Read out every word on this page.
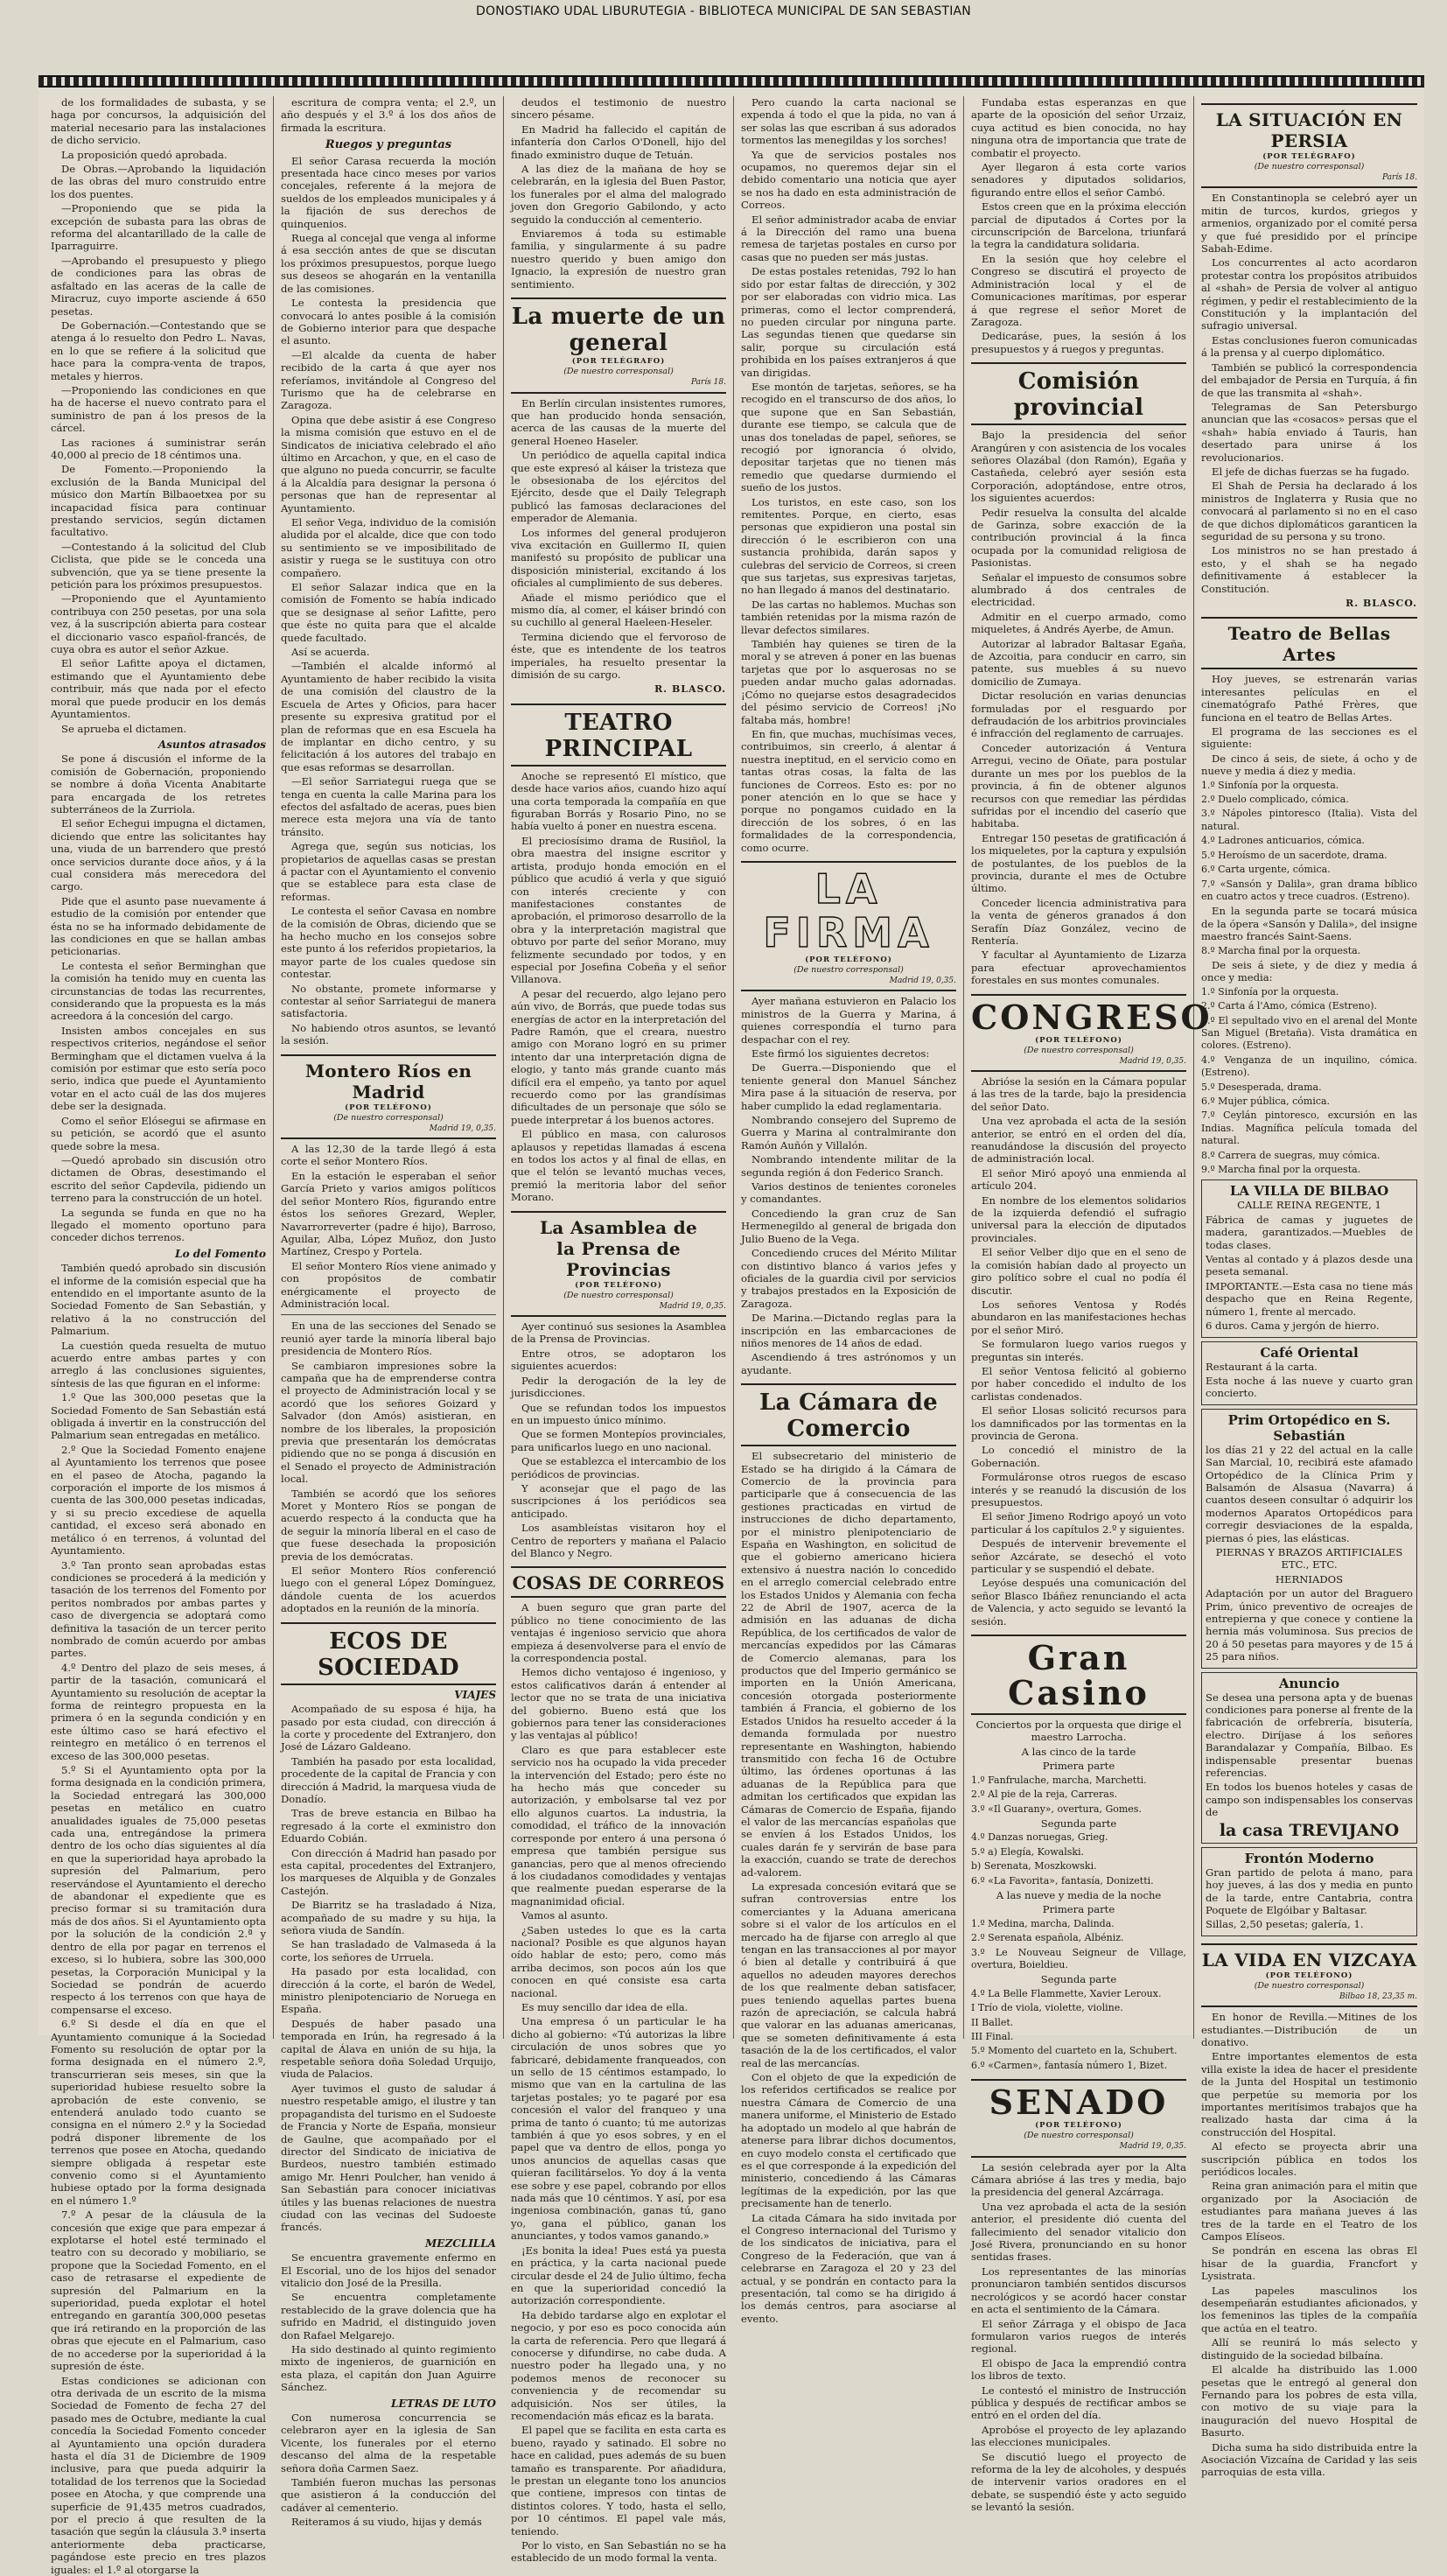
DONOSTIAKO UDAL LIBURUTEGIA - BIBLIOTECA MUNICIPAL DE SAN SEBASTIAN

de los formalidades de subasta, y se haga por concursos, la adquisición del material necesario para las instalaciones de dicho servicio.

La proposición quedó aprobada.

De Obras.—Aprobando la liquidación de las obras del muro construido entre los dos puentes.

—Proponiendo que se pida la excepción de subasta para las obras de reforma del alcantarillado de la calle de Iparraguirre.

—Aprobando el presupuesto y pliego de condiciones para las obras de asfaltado en las aceras de la calle de Miracruz, cuyo importe asciende á 650 pesetas.

De Gobernación.—Contestando que se atenga á lo resuelto don Pedro L. Navas, en lo que se refiere á la solicitud que hace para la compra-venta de trapos, metales y hierros.

—Proponiendo las condiciones en que ha de hacerse el nuevo contrato para el suministro de pan á los presos de la cárcel.

Las raciones á suministrar serán 40,000 al precio de 18 céntimos una.

De Fomento.—Proponiendo la exclusión de la Banda Municipal del músico don Martín Bilbaoetxea por su incapacidad física para continuar prestando servicios, según dictamen facultativo.

—Contestando á la solicitud del Club Ciclista, que pide se le conceda una subvención, que ya se tiene presente la petición para los próximos presupuestos.

—Proponiendo que el Ayuntamiento contribuya con 250 pesetas, por una sola vez, á la suscripción abierta para costear el diccionario vasco español-francés, de cuya obra es autor el señor Azkue.

El señor Lafitte apoya el dictamen, estimando que el Ayuntamiento debe contribuir, más que nada por el efecto moral que puede producir en los demás Ayuntamientos.

Se aprueba el dictamen.

Asuntos atrasados

Se pone á discusión el informe de la comisión de Gobernación, proponiendo se nombre á doña Vicenta Anabitarte para encargada de los retretes subterráneos de la Zurriola.

El señor Echegui impugna el dictamen, diciendo que entre las solicitantes hay una, viuda de un barrendero que prestó once servicios durante doce años, y á la cual considera más merecedora del cargo.

Pide que el asunto pase nuevamente á estudio de la comisión por entender que ésta no se ha informado debidamente de las condiciones en que se hallan ambas peticionarias.

Le contesta el señor Berminghan que la comisión ha tenido muy en cuenta las circunstancias de todas las recurrentes, considerando que la propuesta es la más acreedora á la concesión del cargo.

Insisten ambos concejales en sus respectivos criterios, negándose el señor Bermingham que el dictamen vuelva á la comisión por estimar que esto sería poco serio, indica que puede el Ayuntamiento votar en el acto cuál de las dos mujeres debe ser la designada.

Como el señor Elósegui se afirmase en su petición, se acordó que el asunto quede sobre la mesa.

—Quedó aprobado sin discusión otro dictamen de Obras, desestimando el escrito del señor Capdevila, pidiendo un terreno para la construcción de un hotel.

La segunda se funda en que no ha llegado el momento oportuno para conceder dichos terrenos.

Lo del Fomento

También quedó aprobado sin discusión el informe de la comisión especial que ha entendido en el importante asunto de la Sociedad Fomento de San Sebastián, y relativo á la no construcción del Palmarium.

La cuestión queda resuelta de mutuo acuerdo entre ambas partes y con arreglo á las conclusiones siguientes, síntesis de las que figuran en el informe:

1.º Que las 300,000 pesetas que la Sociedad Fomento de San Sebastián está obligada á invertir en la construcción del Palmarium sean entregadas en metálico.

2.º Que la Sociedad Fomento enajene al Ayuntamiento los terrenos que posee en el paseo de Atocha, pagando la corporación el importe de los mismos á cuenta de las 300,000 pesetas indicadas, y si su precio excediese de aquella cantidad, el exceso será abonado en metálico ó en terrenos, á voluntad del Ayuntamiento.

3.º Tan pronto sean aprobadas estas condiciones se procederá á la medición y tasación de los terrenos del Fomento por peritos nombrados por ambas partes y caso de divergencia se adoptará como definitiva la tasación de un tercer perito nombrado de común acuerdo por ambas partes.

4.º Dentro del plazo de seis meses, á partir de la tasación, comunicará el Ayuntamiento su resolución de aceptar la forma de reintegro propuesta en la primera ó en la segunda condición y en este último caso se hará efectivo el reintegro en metálico ó en terrenos el exceso de las 300,000 pesetas.

5.º Si el Ayuntamiento opta por la forma designada en la condición primera, la Sociedad entregará las 300,000 pesetas en metálico en cuatro anualidades iguales de 75,000 pesetas cada una, entregándose la primera dentro de los ocho días siguientes al día en que la superioridad haya aprobado la supresión del Palmarium, pero reservándose el Ayuntamiento el derecho de abandonar el expediente que es preciso formar si su tramitación dura más de dos años. Si el Ayuntamiento opta por la solución de la condición 2.ª y dentro de ella por pagar en terrenos el exceso, si lo hubiera, sobre las 300,000 pesetas, la Corporación Municipal y la Sociedad se pondrán de acuerdo respecto á los terrenos con que haya de compensarse el exceso.

6.º Si desde el día en que el Ayuntamiento comunique á la Sociedad Fomento su resolución de optar por la forma designada en el número 2.º, transcurrieran seis meses, sin que la superioridad hubiese resuelto sobre la aprobación de este convenio, se entenderá anulado todo cuanto se consigna en el número 2.º y la Sociedad podrá disponer libremente de los terrenos que posee en Atocha, quedando siempre obligada á respetar este convenio como si el Ayuntamiento hubiese optado por la forma designada en el número 1.º

7.º A pesar de la cláusula de la concesión que exige que para empezar á explotarse el hotel esté terminado el teatro con su decorado y mobiliario, se propone que la Sociedad Fomento, en el caso de retrasarse el expediente de supresión del Palmarium en la superioridad, pueda explotar el hotel entregando en garantía 300,000 pesetas que irá retirando en la proporción de las obras que ejecute en el Palmarium, caso de no accederse por la superioridad á la supresión de éste.

Estas condiciones se adicionan con otra derivada de un escrito de la misma Sociedad de Fomento de fecha 27 del pasado mes de Octubre, mediante la cual concedía la Sociedad Fomento conceder al Ayuntamiento una opción duradera hasta el día 31 de Diciembre de 1909 inclusive, para que pueda adquirir la totalidad de los terrenos que la Sociedad posee en Atocha, y que comprende una superficie de 91,435 metros cuadrados, por el precio á que resulten de la tasación que según la cláusula 3.ª inserta anteriormente deba practicarse, pagándose este precio en tres plazos iguales: el 1.º al otorgarse la

escritura de compra venta; el 2.º, un año después y el 3.º á los dos años de firmada la escritura.

Ruegos y preguntas

El señor Carasa recuerda la moción presentada hace cinco meses por varios concejales, referente á la mejora de sueldos de los empleados municipales y á la fijación de sus derechos de quinquenios.

Ruega al concejal que venga al informe á esa sección antes de que se discutan los próximos presupuestos, porque luego sus deseos se ahogarán en la ventanilla de las comisiones.

Le contesta la presidencia que convocará lo antes posible á la comisión de Gobierno interior para que despache el asunto.

—El alcalde da cuenta de haber recibido de la carta á que ayer nos referíamos, invitándole al Congreso del Turismo que ha de celebrarse en Zaragoza.

Opina que debe asistir á ese Congreso la misma comisión que estuvo en el de Sindicatos de iniciativa celebrado el año último en Arcachon, y que, en el caso de que alguno no pueda concurrir, se faculte á la Alcaldía para designar la persona ó personas que han de representar al Ayuntamiento.

El señor Vega, individuo de la comisión aludida por el alcalde, dice que con todo su sentimiento se ve imposibilitado de asistir y ruega se le sustituya con otro compañero.

El señor Salazar indica que en la comisión de Fomento se había indicado que se designase al señor Lafitte, pero que éste no quita para que el alcalde quede facultado.

Así se acuerda.

—También el alcalde informó al Ayuntamiento de haber recibido la visita de una comisión del claustro de la Escuela de Artes y Oficios, para hacer presente su expresiva gratitud por el plan de reformas que en esa Escuela ha de implantar en dicho centro, y su felicitación á los autores del trabajo en que esas reformas se desarrollan.

—El señor Sarriategui ruega que se tenga en cuenta la calle Marina para los efectos del asfaltado de aceras, pues bien merece esta mejora una vía de tanto tránsito.

Agrega que, según sus noticias, los propietarios de aquellas casas se prestan á pactar con el Ayuntamiento el convenio que se establece para esta clase de reformas.

Le contesta el señor Cavasa en nombre de la comisión de Obras, diciendo que se ha hecho mucho en los consejos sobre este punto á los referidos propietarios, la mayor parte de los cuales quedose sin contestar.

No obstante, promete informarse y contestar al señor Sarriategui de manera satisfactoria.

No habiendo otros asuntos, se levantó la sesión.

Montero Ríos en Madrid
(POR TELÉFONO)
(De nuestro corresponsal)
Madrid 19, 0,35.

A las 12,30 de la tarde llegó á esta corte el señor Montero Ríos.

En la estación le esperaban el señor García Prieto y varios amigos políticos del señor Montero Ríos, figurando entre éstos los señores Grezard, Wepler, Navarrorreverter (padre é hijo), Barroso, Aguilar, Alba, López Muñoz, don Justo Martínez, Crespo y Portela.

El señor Montero Ríos viene animado y con propósitos de combatir enérgicamente el proyecto de Administración local.

En una de las secciones del Senado se reunió ayer tarde la minoría liberal bajo presidencia de Montero Ríos.

Se cambiaron impresiones sobre la campaña que ha de emprenderse contra el proyecto de Administración local y se acordó que los señores Goizard y Salvador (don Amós) asistieran, en nombre de los liberales, la proposición previa que presentarán los demócratas pidiendo que no se ponga á discusión en el Senado el proyecto de Administración local.

También se acordó que los señores Moret y Montero Ríos se pongan de acuerdo respecto á la conducta que ha de seguir la minoría liberal en el caso de que fuese desechada la proposición previa de los demócratas.

El señor Montero Ríos conferenció luego con el general López Domínguez, dándole cuenta de los acuerdos adoptados en la reunión de la minoría.

ECOS DE SOCIEDAD
VIAJES

Acompañado de su esposa é hija, ha pasado por esta ciudad, con dirección á la corte y procedente del Extranjero, don José de Lázaro Galdeano.

También ha pasado por esta localidad, procedente de la capital de Francia y con dirección á Madrid, la marquesa viuda de Donadío.

Tras de breve estancia en Bilbao ha regresado á la corte el exministro don Eduardo Cobián.

Con dirección á Madrid han pasado por esta capital, procedentes del Extranjero, los marqueses de Alquibla y de Gonzales Castejón.

De Biarritz se ha trasladado á Niza, acompañado de su madre y su hija, la señora viuda de Sandín.

Se han trasladado de Valmaseda á la corte, los señores de Urruela.

Ha pasado por esta localidad, con dirección á la corte, el barón de Wedel, ministro plenipotenciario de Noruega en España.

Después de haber pasado una temporada en Irún, ha regresado á la capital de Álava en unión de su hija, la respetable señora doña Soledad Urquijo, viuda de Palacios.

Ayer tuvimos el gusto de saludar á nuestro respetable amigo, el ilustre y tan propagandista del turismo en el Sudoeste de Francia y Norte de España, monsieur de Gaulne, que acompañado por el director del Sindicato de iniciativa de Burdeos, nuestro también estimado amigo Mr. Henri Poulcher, han venido á San Sebastián para conocer iniciativas útiles y las buenas relaciones de nuestra ciudad con las vecinas del Sudoeste francés.

MEZCLILLA

Se encuentra gravemente enfermo en El Escorial, uno de los hijos del senador vitalicio don José de la Presilla.

Se encuentra completamente restablecido de la grave dolencia que ha sufrido en Madrid, el distinguido joven don Rafael Melgarejo.

Ha sido destinado al quinto regimiento mixto de ingenieros, de guarnición en esta plaza, el capitán don Juan Aguirre Sánchez.

LETRAS DE LUTO

Con numerosa concurrencia se celebraron ayer en la iglesia de San Vicente, los funerales por el eterno descanso del alma de la respetable señora doña Carmen Saez.

También fueron muchas las personas que asistieron á la conducción del cadáver al cementerio.

Reiteramos á su viudo, hijas y demás

deudos el testimonio de nuestro sincero pésame.

En Madrid ha fallecido el capitán de infantería don Carlos O'Donell, hijo del finado exministro duque de Tetuán.

A las diez de la mañana de hoy se celebrarán, en la iglesia del Buen Pastor, los funerales por el alma del malogrado joven don Gregorio Gabilondo, y acto seguido la conducción al cementerio.

Enviaremos á toda su estimable familia, y singularmente á su padre nuestro querido y buen amigo don Ignacio, la expresión de nuestro gran sentimiento.

La muerte de un general
(POR TELÉGRAFO)
(De nuestro corresponsal)
París 18.

En Berlín circulan insistentes rumores, que han producido honda sensación, acerca de las causas de la muerte del general Hoeneo Haseler.

Un periódico de aquella capital indica que este expresó al káiser la tristeza que le obsesionaba de los ejércitos del Ejército, desde que el Daily Telegraph publicó las famosas declaraciones del emperador de Alemania.

Los informes del general produjeron viva excitación en Guillermo II, quien manifestó su propósito de publicar una disposición ministerial, excitando á los oficiales al cumplimiento de sus deberes.

Añade el mismo periódico que el mismo día, al comer, el káiser brindó con su cuchillo al general Haeleen-Heseler.

Termina diciendo que el fervoroso de éste, que es intendente de los teatros imperiales, ha resuelto presentar la dimisión de su cargo.

R. BLASCO.
TEATRO PRINCIPAL

Anoche se representó El místico, que desde hace varios años, cuando hizo aquí una corta temporada la compañía en que figuraban Borrás y Rosario Pino, no se había vuelto á poner en nuestra escena.

El preciosísimo drama de Rusiñol, la obra maestra del insigne escritor y artista, produjo honda emoción en el público que acudió á verla y que siguió con interés creciente y con manifestaciones constantes de aprobación, el primoroso desarrollo de la obra y la interpretación magistral que obtuvo por parte del señor Morano, muy felizmente secundado por todos, y en especial por Josefina Cobeña y el señor Villanova.

A pesar del recuerdo, algo lejano pero aún vivo, de Borrás, que puede todas sus energías de actor en la interpretación del Padre Ramón, que el creara, nuestro amigo con Morano logró en su primer intento dar una interpretación digna de elogio, y tanto más grande cuanto más difícil era el empeño, ya tanto por aquel recuerdo como por las grandísimas dificultades de un personaje que sólo se puede interpretar á los buenos actores.

El público en masa, con calurosos aplausos y repetidas llamadas á escena en todos los actos y al final de ellas, en que el telón se levantó muchas veces, premió la meritoria labor del señor Morano.

La Asamblea de
la Prensa de Provincias
(POR TELÉFONO)
(De nuestro corresponsal)
Madrid 19, 0,35.

Ayer continuó sus sesiones la Asamblea de la Prensa de Provincias.

Entre otros, se adoptaron los siguientes acuerdos:

Pedir la derogación de la ley de jurisdicciones.

Que se refundan todos los impuestos en un impuesto único mínimo.

Que se formen Montepíos provinciales, para unificarlos luego en uno nacional.

Que se establezca el intercambio de los periódicos de provincias.

Y aconsejar que el pago de las suscripciones á los periódicos sea anticipado.

Los asambleístas visitaron hoy el Centro de reporters y mañana el Palacio del Blanco y Negro.

COSAS DE CORREOS

A buen seguro que gran parte del público no tiene conocimiento de las ventajas é ingenioso servicio que ahora empieza á desenvolverse para el envío de la correspondencia postal.

Hemos dicho ventajoso é ingenioso, y estos calificativos darán á entender al lector que no se trata de una iniciativa del gobierno. Bueno está que los gobiernos para tener las consideraciones y las ventajas al público!

Claro es que para establecer este servicio nos ha ocupado la vida preceder la intervención del Estado; pero éste no ha hecho más que conceder su autorización, y embolsarse tal vez por ello algunos cuartos. La industria, la comodidad, el tráfico de la innovación corresponde por entero á una persona ó empresa que también persigue sus ganancias, pero que al menos ofreciendo á los ciudadanos comodidades y ventajas que realmente puedan esperarse de la magnanimidad oficial.

Vamos al asunto.

¿Saben ustedes lo que es la carta nacional? Posible es que algunos hayan oído hablar de esto; pero, como más arriba decimos, son pocos aún los que conocen en qué consiste esa carta nacional.

Es muy sencillo dar idea de ella.

Una empresa ó un particular le ha dicho al gobierno: «Tú autorizas la libre circulación de unos sobres que yo fabricaré, debidamente franqueados, con un sello de 15 céntimos estampado, lo mismo que van en la cartulina de las tarjetas postales; yo te pagaré por esa concesión el valor del franqueo y una prima de tanto ó cuanto; tú me autorizas también á que yo esos sobres, y en el papel que va dentro de ellos, ponga yo unos anuncios de aquellas casas que quieran facilitárselos. Yo doy á la venta ese sobre y ese papel, cobrando por ellos nada más que 10 céntimos. Y así, por esa ingeniosa combinación, ganas tú, gano yo, gana el público, ganan los anunciantes, y todos vamos ganando.»

¡Es bonita la idea! Pues está ya puesta en práctica, y la carta nacional puede circular desde el 24 de Julio último, fecha en que la superioridad concedió la autorización correspondiente.

Ha debido tardarse algo en explotar el negocio, y por eso es poco conocida aún la carta de referencia. Pero que llegará á conocerse y difundirse, no cabe duda. A nuestro poder ha llegado una, y no podemos menos de reconocer su conveniencia y de recomendar su adquisición. Nos ser útiles, la recomendación más eficaz es la barata.

El papel que se facilita en esta carta es bueno, rayado y satinado. El sobre no hace en calidad, pues además de su buen tamaño es transparente. Por añadidura, le prestan un elegante tono los anuncios que contiene, impresos con tintas de distintos colores. Y todo, hasta el sello, por 10 céntimos. El papel vale más, teniendo.

Por lo visto, en San Sebastián no se ha establecido de un modo formal la venta.

Pero cuando la carta nacional se expenda á todo el que la pida, no van á ser solas las que escriban á sus adorados tormentos las menegildas y los sorches!

Ya que de servicios postales nos ocupamos, no queremos dejar sin el debido comentario una noticia que ayer se nos ha dado en esta administración de Correos.

El señor administrador acaba de enviar á la Dirección del ramo una buena remesa de tarjetas postales en curso por casas que no pueden ser más justas.

De estas postales retenidas, 792 lo han sido por estar faltas de dirección, y 302 por ser elaboradas con vidrio mica. Las primeras, como el lector comprenderá, no pueden circular por ninguna parte. Las segundas tienen que quedarse sin salir, porque su circulación está prohibida en los países extranjeros á que van dirigidas.

Ese montón de tarjetas, señores, se ha recogido en el transcurso de dos años, lo que supone que en San Sebastián, durante ese tiempo, se calcula que de unas dos toneladas de papel, señores, se recogió por ignorancia ó olvido, depositar tarjetas que no tienen más remedio que quedarse durmiendo el sueño de los justos.

Los turistos, en este caso, son los remitentes. Porque, en cierto, esas personas que expidieron una postal sin dirección ó le escribieron con una sustancia prohibida, darán sapos y culebras del servicio de Correos, si creen que sus tarjetas, sus expresivas tarjetas, no han llegado á manos del destinatario.

De las cartas no hablemos. Muchas son también retenidas por la misma razón de llevar defectos similares.

También hay quienes se tiren de la moral y se atreven á poner en las buenas tarjetas que por lo asquerosas no se pueden andar mucho galas adornadas. ¡Cómo no quejarse estos desagradecidos del pésimo servicio de Correos! ¡No faltaba más, hombre!

En fin, que muchas, muchísimas veces, contribuimos, sin creerlo, á alentar á nuestra ineptitud, en el servicio como en tantas otras cosas, la falta de las funciones de Correos. Esto es: por no poner atención en lo que se hace y porque no pongamos cuidado en la dirección de los sobres, ó en las formalidades de la correspondencia, como ocurre.

LA FIRMA
(POR TELÉFONO)
(De nuestro corresponsal)
Madrid 19, 0,35.

Ayer mañana estuvieron en Palacio los ministros de la Guerra y Marina, á quienes correspondía el turno para despachar con el rey.

Este firmó los siguientes decretos:

De Guerra.—Disponiendo que el teniente general don Manuel Sánchez Mira pase á la situación de reserva, por haber cumplido la edad reglamentaria.

Nombrando consejero del Supremo de Guerra y Marina al contralmirante don Ramón Auñón y Villalón.

Nombrando intendente militar de la segunda región á don Federico Sranch.

Varios destinos de tenientes coroneles y comandantes.

Concediendo la gran cruz de San Hermenegildo al general de brigada don Julio Bueno de la Vega.

Concediendo cruces del Mérito Militar con distintivo blanco á varios jefes y oficiales de la guardia civil por servicios y trabajos prestados en la Exposición de Zaragoza.

De Marina.—Dictando reglas para la inscripción en las embarcaciones de niños menores de 14 años de edad.

Ascendiendo á tres astrónomos y un ayudante.

La Cámara de Comercio

El subsecretario del ministerio de Estado se ha dirigido á la Cámara de Comercio de la provincia para participarle que á consecuencia de las gestiones practicadas en virtud de instrucciones de dicho departamento, por el ministro plenipotenciario de España en Washington, en solicitud de que el gobierno americano hiciera extensivo á nuestra nación lo concedido en el arreglo comercial celebrado entre los Estados Unidos y Alemania con fecha 22 de Abril de 1907, acerca de la admisión en las aduanas de dicha República, de los certificados de valor de mercancías expedidos por las Cámaras de Comercio alemanas, para los productos que del Imperio germánico se importen en la Unión Americana, concesión otorgada posteriormente también á Francia, el gobierno de los Estados Unidos ha resuelto acceder á la demanda formulada por nuestro representante en Washington, habiendo transmitido con fecha 16 de Octubre último, las órdenes oportunas á las aduanas de la República para que admitan los certificados que expidan las Cámaras de Comercio de España, fijando el valor de las mercancías españolas que se envíen á los Estados Unidos, los cuales darán fe y servirán de base para la exacción, cuando se trate de derechos ad-valorem.

La expresada concesión evitará que se sufran controversias entre los comerciantes y la Aduana americana sobre si el valor de los artículos en el mercado ha de fijarse con arreglo al que tengan en las transacciones al por mayor ó bien al detalle y contribuirá á que aquellos no adeuden mayores derechos de los que realmente deban satisfacer, pues teniendo aquellas partes buena razón de apreciación, se calcula habrá que valorar en las aduanas americanas, que se someten definitivamente á esta tasación de la de los certificados, el valor real de las mercancías.

Con el objeto de que la expedición de los referidos certificados se realice por nuestra Cámara de Comercio de una manera uniforme, el Ministerio de Estado ha adoptado un modelo al que habrán de atenerse para librar dichos documentos, en cuyo modelo consta el certificado que es el que corresponde á la expedición del ministerio, concediendo á las Cámaras legítimas de la expedición, por las que precisamente han de tenerlo.

La citada Cámara ha sido invitada por el Congreso internacional del Turismo y de los sindicatos de iniciativa, para el Congreso de la Federación, que van á celebrarse en Zaragoza el 20 y 23 del actual, y se pondrán en contacto para la presentación, tal como se ha dirigido á los demás centros, para asociarse al evento.

Fundaba estas esperanzas en que aparte de la oposición del señor Urzaiz, cuya actitud es bien conocida, no hay ninguna otra de importancia que trate de combatir el proyecto.

Ayer llegaron á esta corte varios senadores y diputados solidarios, figurando entre ellos el señor Cambó.

Estos creen que en la próxima elección parcial de diputados á Cortes por la circunscripción de Barcelona, triunfará la tegra la candidatura solidaria.

En la sesión que hoy celebre el Congreso se discutirá el proyecto de Administración local y el de Comunicaciones marítimas, por esperar á que regrese el señor Moret de Zaragoza.

Dedicaráse, pues, la sesión á los presupuestos y á ruegos y preguntas.

Comisión provincial

Bajo la presidencia del señor Arangúren y con asistencia de los vocales señores Olazábal (don Ramón), Egaña y Castañeda, celebró ayer sesión esta Corporación, adoptándose, entre otros, los siguientes acuerdos:

Pedir resuelva la consulta del alcalde de Garinza, sobre exacción de la contribución provincial á la finca ocupada por la comunidad religiosa de Pasionistas.

Señalar el impuesto de consumos sobre alumbrado á dos centrales de electricidad.

Admitir en el cuerpo armado, como miqueletes, á Andrés Ayerbe, de Amun.

Autorizar al labrador Baltasar Egaña, de Azcoitia, para conducir en carro, sin patente, sus muebles á su nuevo domicilio de Zumaya.

Dictar resolución en varias denuncias formuladas por el resguardo por defraudación de los arbitrios provinciales é infracción del reglamento de carruajes.

Conceder autorización á Ventura Arregui, vecino de Oñate, para postular durante un mes por los pueblos de la provincia, á fin de obtener algunos recursos con que remediar las pérdidas sufridas por el incendio del caserío que habitaba.

Entregar 150 pesetas de gratificación á los miqueletes, por la captura y expulsión de postulantes, de los pueblos de la provincia, durante el mes de Octubre último.

Conceder licencia administrativa para la venta de géneros granados á don Serafín Díaz González, vecino de Rentería.

Y facultar al Ayuntamiento de Lizarza para efectuar aprovechamientos forestales en sus montes comunales.

CONGRESO
(POR TELÉFONO)
(De nuestro corresponsal)
Madrid 19, 0,35.

Abrióse la sesión en la Cámara popular á las tres de la tarde, bajo la presidencia del señor Dato.

Una vez aprobada el acta de la sesión anterior, se entró en el orden del día, reanudándose la discusión del proyecto de administración local.

El señor Miró apoyó una enmienda al artículo 204.

En nombre de los elementos solidarios de la izquierda defendió el sufragio universal para la elección de diputados provinciales.

El señor Velber dijo que en el seno de la comisión habían dado al proyecto un giro político sobre el cual no podía él discutir.

Los señores Ventosa y Rodés abundaron en las manifestaciones hechas por el señor Miró.

Se formularon luego varios ruegos y preguntas sin interés.

El señor Ventosa felicitó al gobierno por haber concedido el indulto de los carlistas condenados.

El señor Llosas solicitó recursos para los damnificados por las tormentas en la provincia de Gerona.

Lo concedió el ministro de la Gobernación.

Formuláronse otros ruegos de escaso interés y se reanudó la discusión de los presupuestos.

El señor Jimeno Rodrigo apoyó un voto particular á los capítulos 2.º y siguientes.

Después de intervenir brevemente el señor Azcárate, se desechó el voto particular y se suspendió el debate.

Leyóse después una comunicación del señor Blasco Ibáñez renunciando el acta de Valencia, y acto seguido se levantó la sesión.

Gran Casino

Conciertos por la orquesta que dirige el maestro Larrocha.

A las cinco de la tarde

Primera parte

1.º Fanfrulache, marcha, Marchetti.

2.º Al pie de la reja, Carreras.

3.º «Il Guarany», overtura, Gomes.

Segunda parte

4.º Danzas noruegas, Grieg.

5.º a) Elegía, Kowalski.

b) Serenata, Moszkowski.

6.º «La Favorita», fantasía, Donizetti.

A las nueve y media de la noche

Primera parte

1.º Medina, marcha, Dalinda.

2.º Serenata española, Albéniz.

3.º Le Nouveau Seigneur de Village, overtura, Boieldieu.

Segunda parte

4.º La Belle Flammette, Xavier Leroux.

I Trío de viola, violette, violine.

II Ballet.

III Final.

5.º Momento del cuarteto en la, Schubert.

6.º «Carmen», fantasía número 1, Bizet.

SENADO
(POR TELÉFONO)
(De nuestro corresponsal)
Madrid 19, 0,35.

La sesión celebrada ayer por la Alta Cámara abrióse á las tres y media, bajo la presidencia del general Azcárraga.

Una vez aprobada el acta de la sesión anterior, el presidente dió cuenta del fallecimiento del senador vitalicio don José Rivera, pronunciando en su honor sentidas frases.

Los representantes de las minorías pronunciaron también sentidos discursos necrológicos y se acordó hacer constar en acta el sentimiento de la Cámara.

El señor Zárraga y el obispo de Jaca formularon varios ruegos de interés regional.

El obispo de Jaca la emprendió contra los libros de texto.

Le contestó el ministro de Instrucción pública y después de rectificar ambos se entró en el orden del día.

Aprobóse el proyecto de ley aplazando las elecciones municipales.

Se discutió luego el proyecto de reforma de la ley de alcoholes, y después de intervenir varios oradores en el debate, se suspendió éste y acto seguido se levantó la sesión.

LA SITUACIÓN EN PERSIA
(POR TELÉGRAFO)
(De nuestro corresponsal)
París 18.

En Constantinopla se celebró ayer un mitin de turcos, kurdos, griegos y armenios, organizado por el comité persa y que fué presidido por el príncipe Sabah-Edime.

Los concurrentes al acto acordaron protestar contra los propósitos atribuidos al «shah» de Persia de volver al antiguo régimen, y pedir el restablecimiento de la Constitución y la implantación del sufragio universal.

Estas conclusiones fueron comunicadas á la prensa y al cuerpo diplomático.

También se publicó la correspondencia del embajador de Persia en Turquía, á fin de que las transmita al «shah».

Telegramas de San Petersburgo anuncian que las «cosacos» persas que el «shah» había enviado á Tauris, han desertado para unirse á los revolucionarios.

El jefe de dichas fuerzas se ha fugado.

El Shah de Persia ha declarado á los ministros de Inglaterra y Rusia que no convocará al parlamento si no en el caso de que dichos diplomáticos garanticen la seguridad de su persona y su trono.

Los ministros no se han prestado á esto, y el shah se ha negado definitivamente á establecer la Constitución.

R. BLASCO.
Teatro de Bellas Artes

Hoy jueves, se estrenarán varias interesantes películas en el cinematógrafo Pathé Frères, que funciona en el teatro de Bellas Artes.

El programa de las secciones es el siguiente:

De cinco á seis, de siete, á ocho y de nueve y media á diez y media.

1.º Sinfonía por la orquesta.

2.º Duelo complicado, cómica.

3.º Nápoles pintoresco (Italia). Vista del natural.

4.º Ladrones anticuarios, cómica.

5.º Heroísmo de un sacerdote, drama.

6.º Carta urgente, cómica.

7.º «Sansón y Dalila», gran drama bíblico en cuatro actos y trece cuadros. (Estreno).

En la segunda parte se tocará música de la ópera «Sansón y Dalila», del insigne maestro francés Saint-Saens.

8.º Marcha final por la orquesta.

De seis á siete, y de diez y media á once y media:

1.º Sinfonía por la orquesta.

2.º Carta á l'Amo, cómica (Estreno).

3.º El sepultado vivo en el arenal del Monte San Miguel (Bretaña). Vista dramática en colores. (Estreno).

4.º Venganza de un inquilino, cómica. (Estreno).

5.º Desesperada, drama.

6.º Mujer pública, cómica.

7.º Ceylán pintoresco, excursión en las Indias. Magnífica película tomada del natural.

8.º Carrera de suegras, muy cómica.

9.º Marcha final por la orquesta.

LA VILLA DE BILBAO

CALLE REINA REGENTE, 1

Fábrica de camas y juguetes de madera, garantizados.—Muebles de todas clases.

Ventas al contado y á plazos desde una peseta semanal.

IMPORTANTE.—Esta casa no tiene más despacho que en Reina Regente, número 1, frente al mercado.

6 duros. Cama y jergón de hierro.

Café Oriental

Restaurant á la carta.

Esta noche á las nueve y cuarto gran concierto.

Prim Ortopédico en S. Sebastián

los días 21 y 22 del actual en la calle San Marcial, 10, recibirá este afamado Ortopédico de la Clínica Prim y Balsamón de Alsasua (Navarra) á cuantos deseen consultar ó adquirir los modernos Aparatos Ortopédicos para corregir desviaciones de la espalda, piernas ó pies, las elásticas.

PIERNAS Y BRAZOS ARTIFICIALES ETC., ETC.

HERNIADOS

Adaptación por un autor del Braguero Prim, único preventivo de ocreajes de entrepierna y que conece y contiene la hernia más voluminosa. Sus precios de 20 á 50 pesetas para mayores y de 15 á 25 para niños.

Anuncio

Se desea una persona apta y de buenas condiciones para ponerse al frente de la fabricación de orfebrería, bisutería, electro. Diríjase á los señores Barandalazar y Compañía, Bilbao. Es indispensable presentar buenas referencias.

En todos los buenos hoteles y casas de campo son indispensables los conservas de

la casa TREVIJANO
Frontón Moderno

Gran partido de pelota á mano, para hoy jueves, á las dos y media en punto de la tarde, entre Cantabria, contra Poquete de Elgóibar y Baltasar.

Sillas, 2,50 pesetas; galería, 1.

LA VIDA EN VIZCAYA
(POR TELÉFONO)
(De nuestro corresponsal)
Bilbao 18, 23,35 m.

En honor de Revilla.—Mitines de los estudiantes.—Distribución de un donativo.

Entre importantes elementos de esta villa existe la idea de hacer el presidente de la Junta del Hospital un testimonio que perpetúe su memoria por los importantes meritísimos trabajos que ha realizado hasta dar cima á la construcción del Hospital.

Al efecto se proyecta abrir una suscripción pública en todos los periódicos locales.

Reina gran animación para el mitin que organizado por la Asociación de estudiantes para mañana jueves á las tres de la tarde en el Teatro de los Campos Elíseos.

Se pondrán en escena las obras El hisar de la guardia, Francfort y Lysistrata.

Las papeles masculinos los desempeñarán estudiantes aficionados, y los femeninos las tiples de la compañía que actúa en el teatro.

Allí se reunirá lo más selecto y distinguido de la sociedad bilbaína.

El alcalde ha distribuido las 1.000 pesetas que le entregó al general don Fernando para los pobres de esta villa, con motivo de su viaje para la inauguración del nuevo Hospital de Basurto.

Dicha suma ha sido distribuida entre la Asociación Vizcaína de Caridad y las seis parroquias de esta villa.
